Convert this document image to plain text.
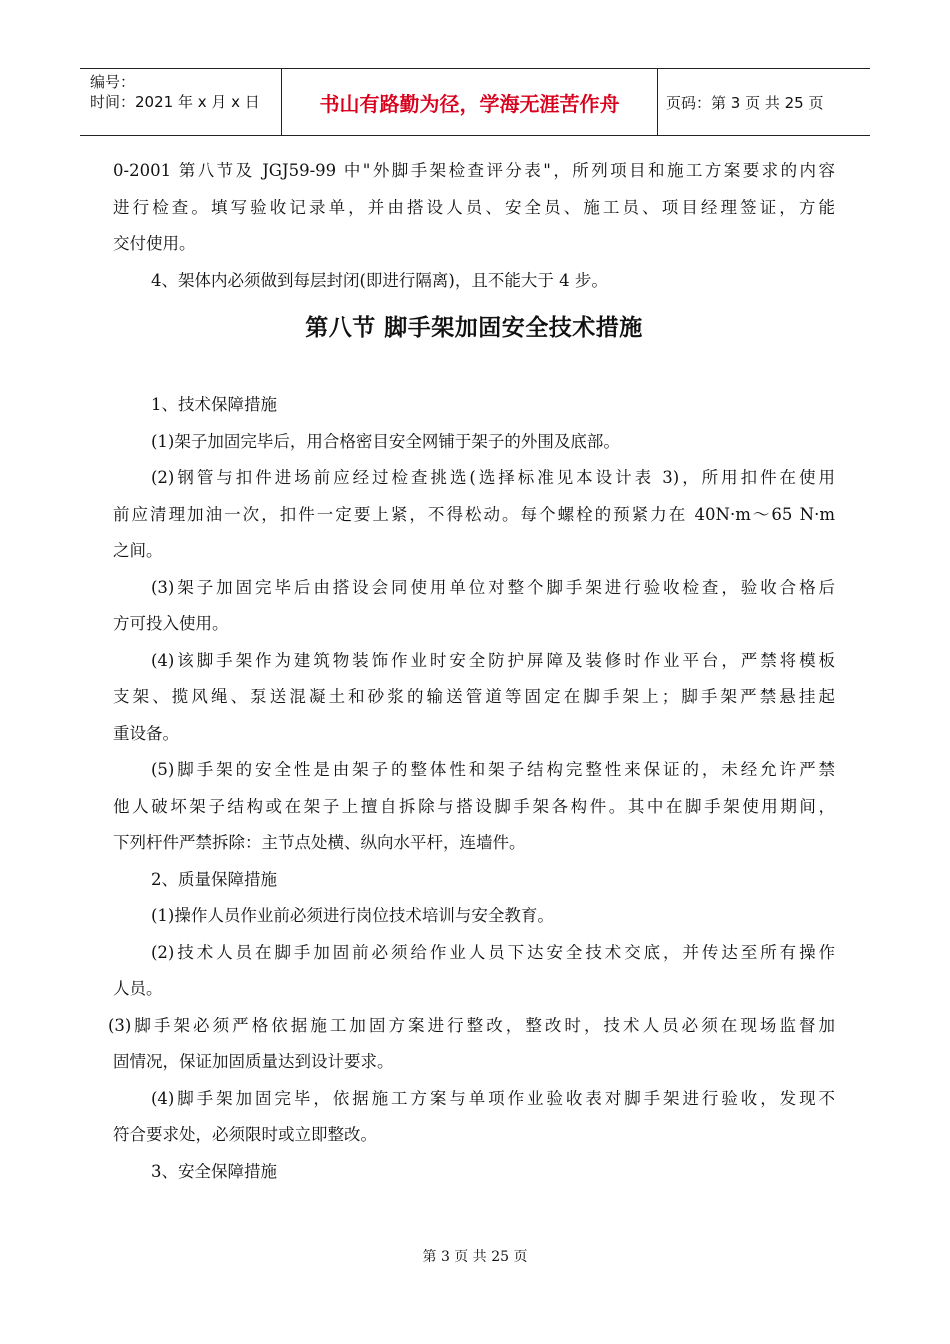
编号：
时间：2021 年 x 月 x 日	书山有路勤为径，学海无涯苦作舟	页码：第 3 页 共 25 页
0-2001 第八节及 JGJ59-99 中"外脚手架检查评分表"，所列项目和施工方案要求的内容
进行检查。填写验收记录单，并由搭设人员、安全员、施工员、项目经理签证，方能
交付使用。
4、架体内必须做到每层封闭(即进行隔离)，且不能大于 4 步。
第八节 脚手架加固安全技术措施
1、技术保障措施
(1)架子加固完毕后，用合格密目安全网铺于架子的外围及底部。
(2)钢管与扣件进场前应经过检查挑选(选择标准见本设计表 3)，所用扣件在使用
前应清理加油一次，扣件一定要上紧，不得松动。每个螺栓的预紧力在 40N·m～65 N·m
之间。
(3)架子加固完毕后由搭设会同使用单位对整个脚手架进行验收检查，验收合格后
方可投入使用。
(4)该脚手架作为建筑物装饰作业时安全防护屏障及装修时作业平台，严禁将模板
支架、揽风绳、泵送混凝土和砂浆的输送管道等固定在脚手架上；脚手架严禁悬挂起
重设备。
(5)脚手架的安全性是由架子的整体性和架子结构完整性来保证的，未经允许严禁
他人破坏架子结构或在架子上擅自拆除与搭设脚手架各构件。其中在脚手架使用期间，
下列杆件严禁拆除：主节点处横、纵向水平杆，连墙件。
2、质量保障措施
(1)操作人员作业前必须进行岗位技术培训与安全教育。
(2)技术人员在脚手加固前必须给作业人员下达安全技术交底，并传达至所有操作
人员。
(3)脚手架必须严格依据施工加固方案进行整改，整改时，技术人员必须在现场监督加
固情况，保证加固质量达到设计要求。
(4)脚手架加固完毕，依据施工方案与单项作业验收表对脚手架进行验收，发现不
符合要求处，必须限时或立即整改。
3、安全保障措施
第 3 页 共 25 页
